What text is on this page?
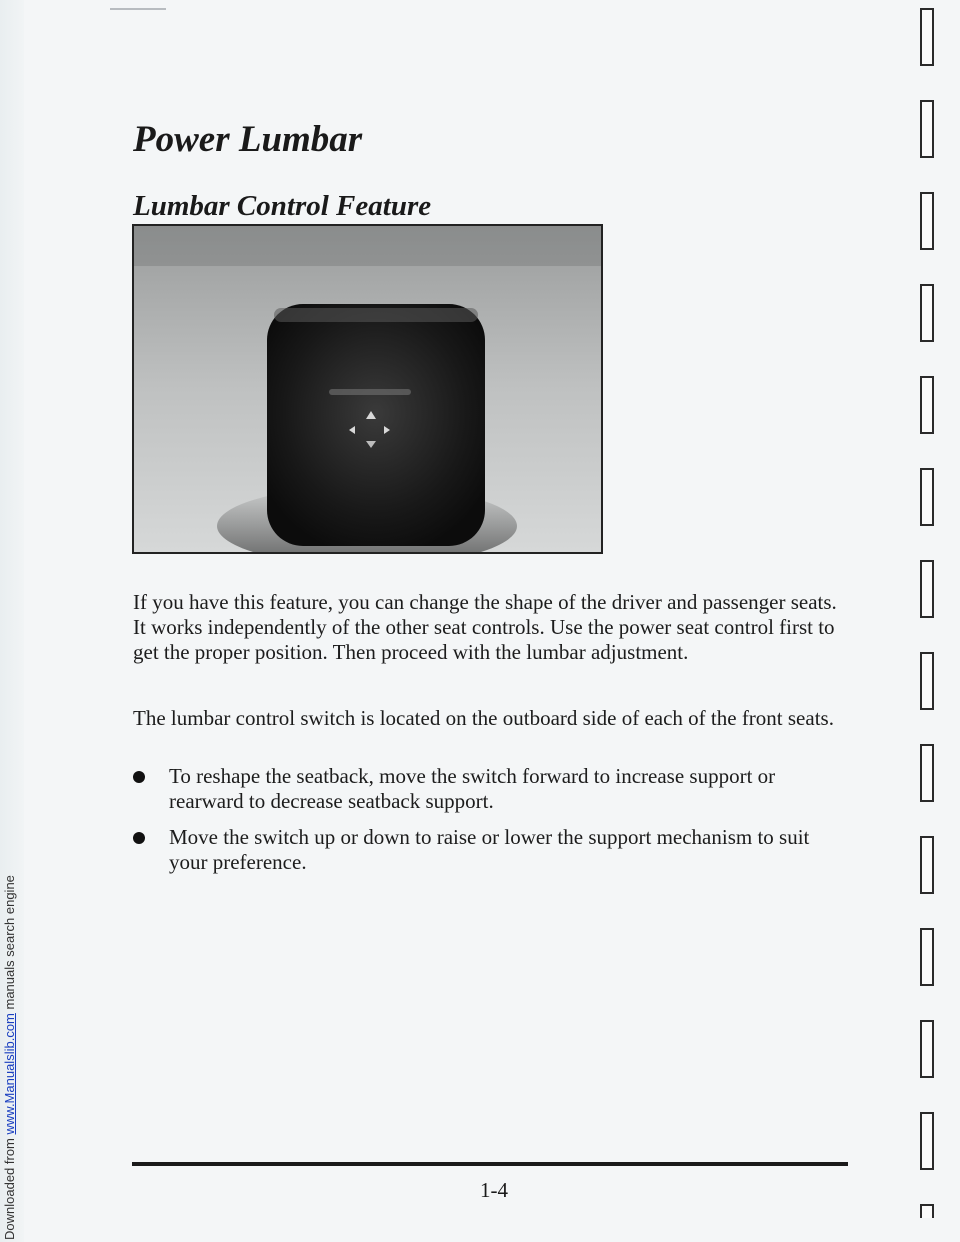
Downloaded from www.Manualslib.com manuals search engine
Power Lumbar
Lumbar Control Feature
If you have this feature, you can change the shape of the driver and passenger seats. It works independently of the other seat controls. Use the power seat control first to get the proper position. Then proceed with the lumbar adjustment.
The lumbar control switch is located on the outboard side of each of the front seats.
To reshape the seatback, move the switch forward to increase support or rearward to decrease seatback support.
Move the switch up or down to raise or lower the support mechanism to suit your preference.
1-4
